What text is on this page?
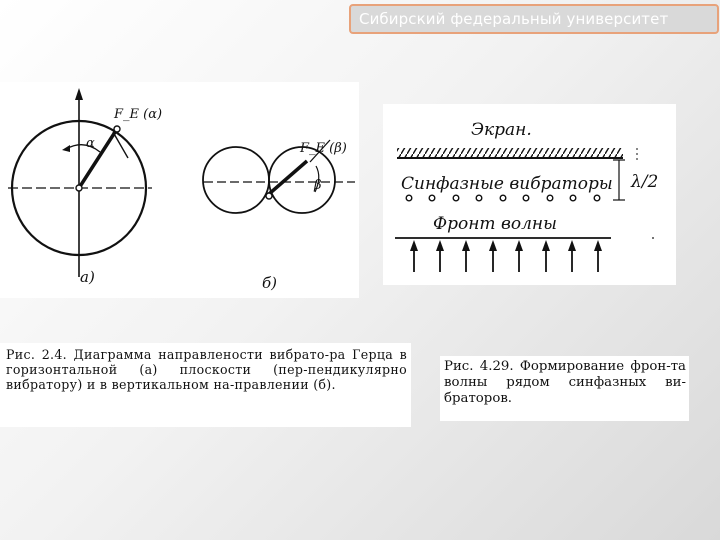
Сибирский федеральный университет
F_E (α)
α
а)
F_E (β)
β
б)
Экран.
Синфазные вибраторы λ/2
Фронт волны
Рис. 2.4. Диаграмма направлености вибрато-ра Герца в горизонтальной (а) плоскости (пер-пендикулярно вибратору) и в вертикальном на-правлении (б).
Рис. 4.29. Формирование фрон-та волны рядом синфазных ви-браторов.
